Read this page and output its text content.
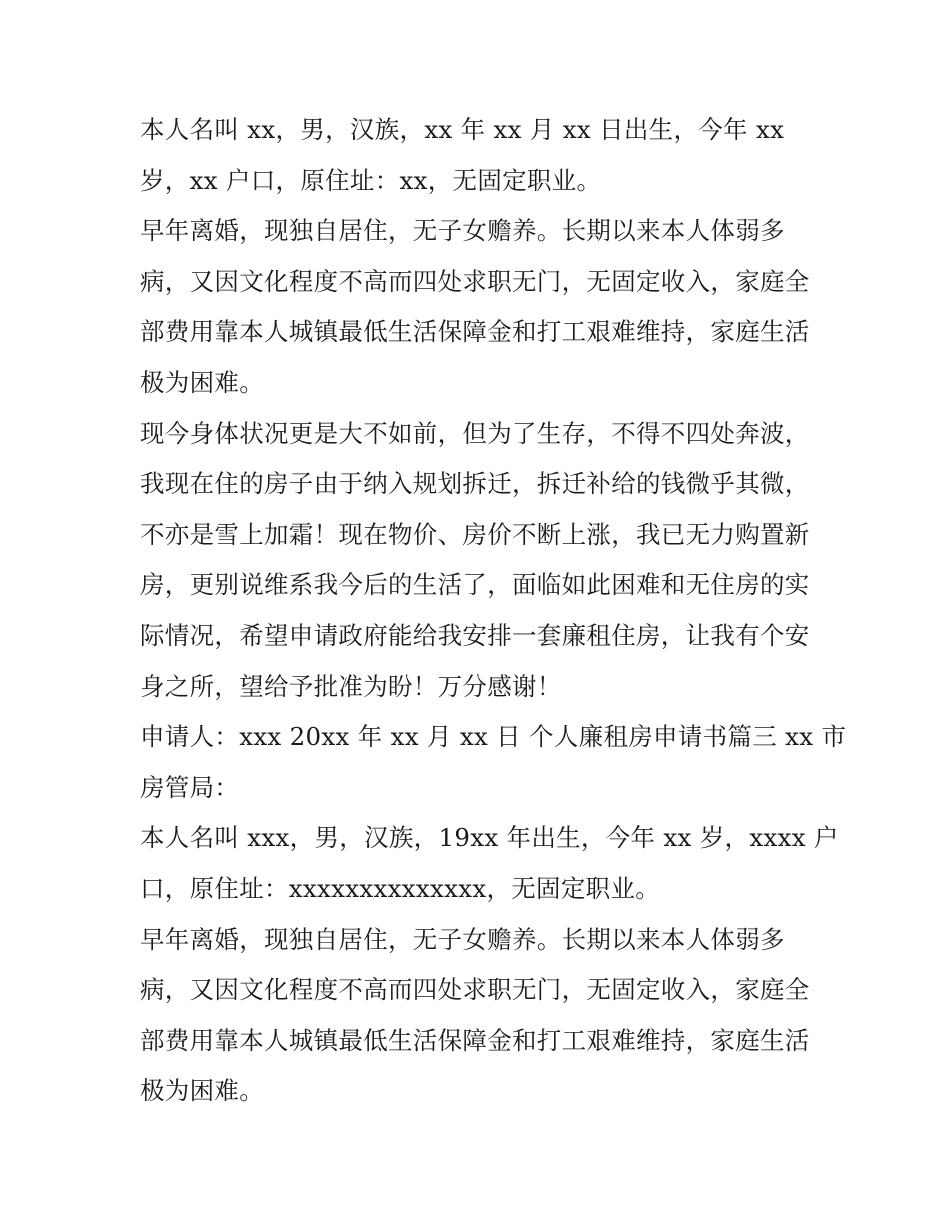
本人名叫 xx，男，汉族，xx 年 xx 月 xx 日出生，今年 xx
岁，xx 户口，原住址：xx，无固定职业。
早年离婚，现独自居住，无子女赡养。长期以来本人体弱多
病，又因文化程度不高而四处求职无门，无固定收入，家庭全
部费用靠本人城镇最低生活保障金和打工艰难维持，家庭生活
极为困难。
现今身体状况更是大不如前，但为了生存，不得不四处奔波，
我现在住的房子由于纳入规划拆迁，拆迁补给的钱微乎其微，
不亦是雪上加霜！现在物价、房价不断上涨，我已无力购置新
房，更别说维系我今后的生活了，面临如此困难和无住房的实
际情况，希望申请政府能给我安排一套廉租住房，让我有个安
身之所，望给予批准为盼！万分感谢！
申请人：xxx 20xx 年 xx 月 xx 日 个人廉租房申请书篇三 xx 市
房管局：
本人名叫 xxx，男，汉族，19xx 年出生，今年 xx 岁，xxxx 户
口，原住址：xxxxxxxxxxxxxx，无固定职业。
早年离婚，现独自居住，无子女赡养。长期以来本人体弱多
病，又因文化程度不高而四处求职无门，无固定收入，家庭全
部费用靠本人城镇最低生活保障金和打工艰难维持，家庭生活
极为困难。
